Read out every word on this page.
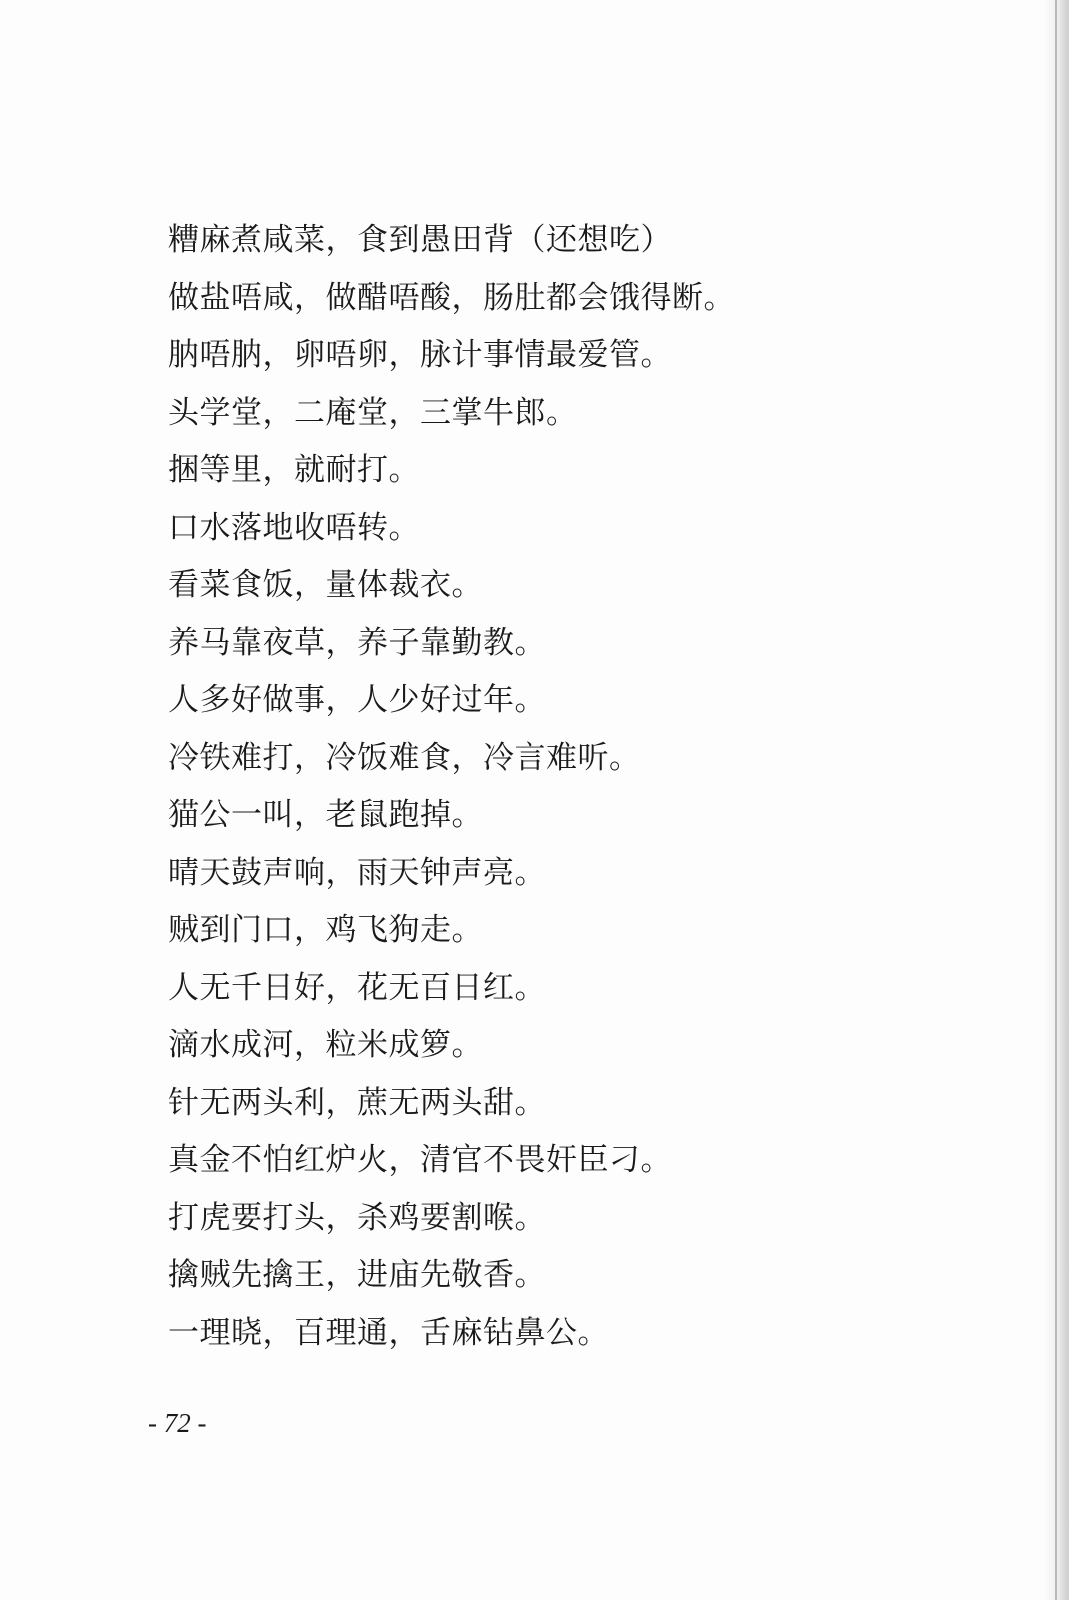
糟麻煮咸菜，食到愚田背（还想吃）
做盐唔咸，做醋唔酸，肠肚都会饿得断。
肭唔肭，卵唔卵，脉计事情最爱管。
头学堂，二庵堂，三掌牛郎。
捆等里，就耐打。
口水落地收唔转。
看菜食饭，量体裁衣。
养马靠夜草，养子靠勤教。
人多好做事，人少好过年。
冷铁难打，冷饭难食，冷言难听。
猫公一叫，老鼠跑掉。
晴天鼓声响，雨天钟声亮。
贼到门口，鸡飞狗走。
人无千日好，花无百日红。
滴水成河，粒米成箩。
针无两头利，蔗无两头甜。
真金不怕红炉火，清官不畏奸臣刁。
打虎要打头，杀鸡要割喉。
擒贼先擒王，进庙先敬香。
一理晓，百理通，舌麻钻鼻公。
- 72 -
